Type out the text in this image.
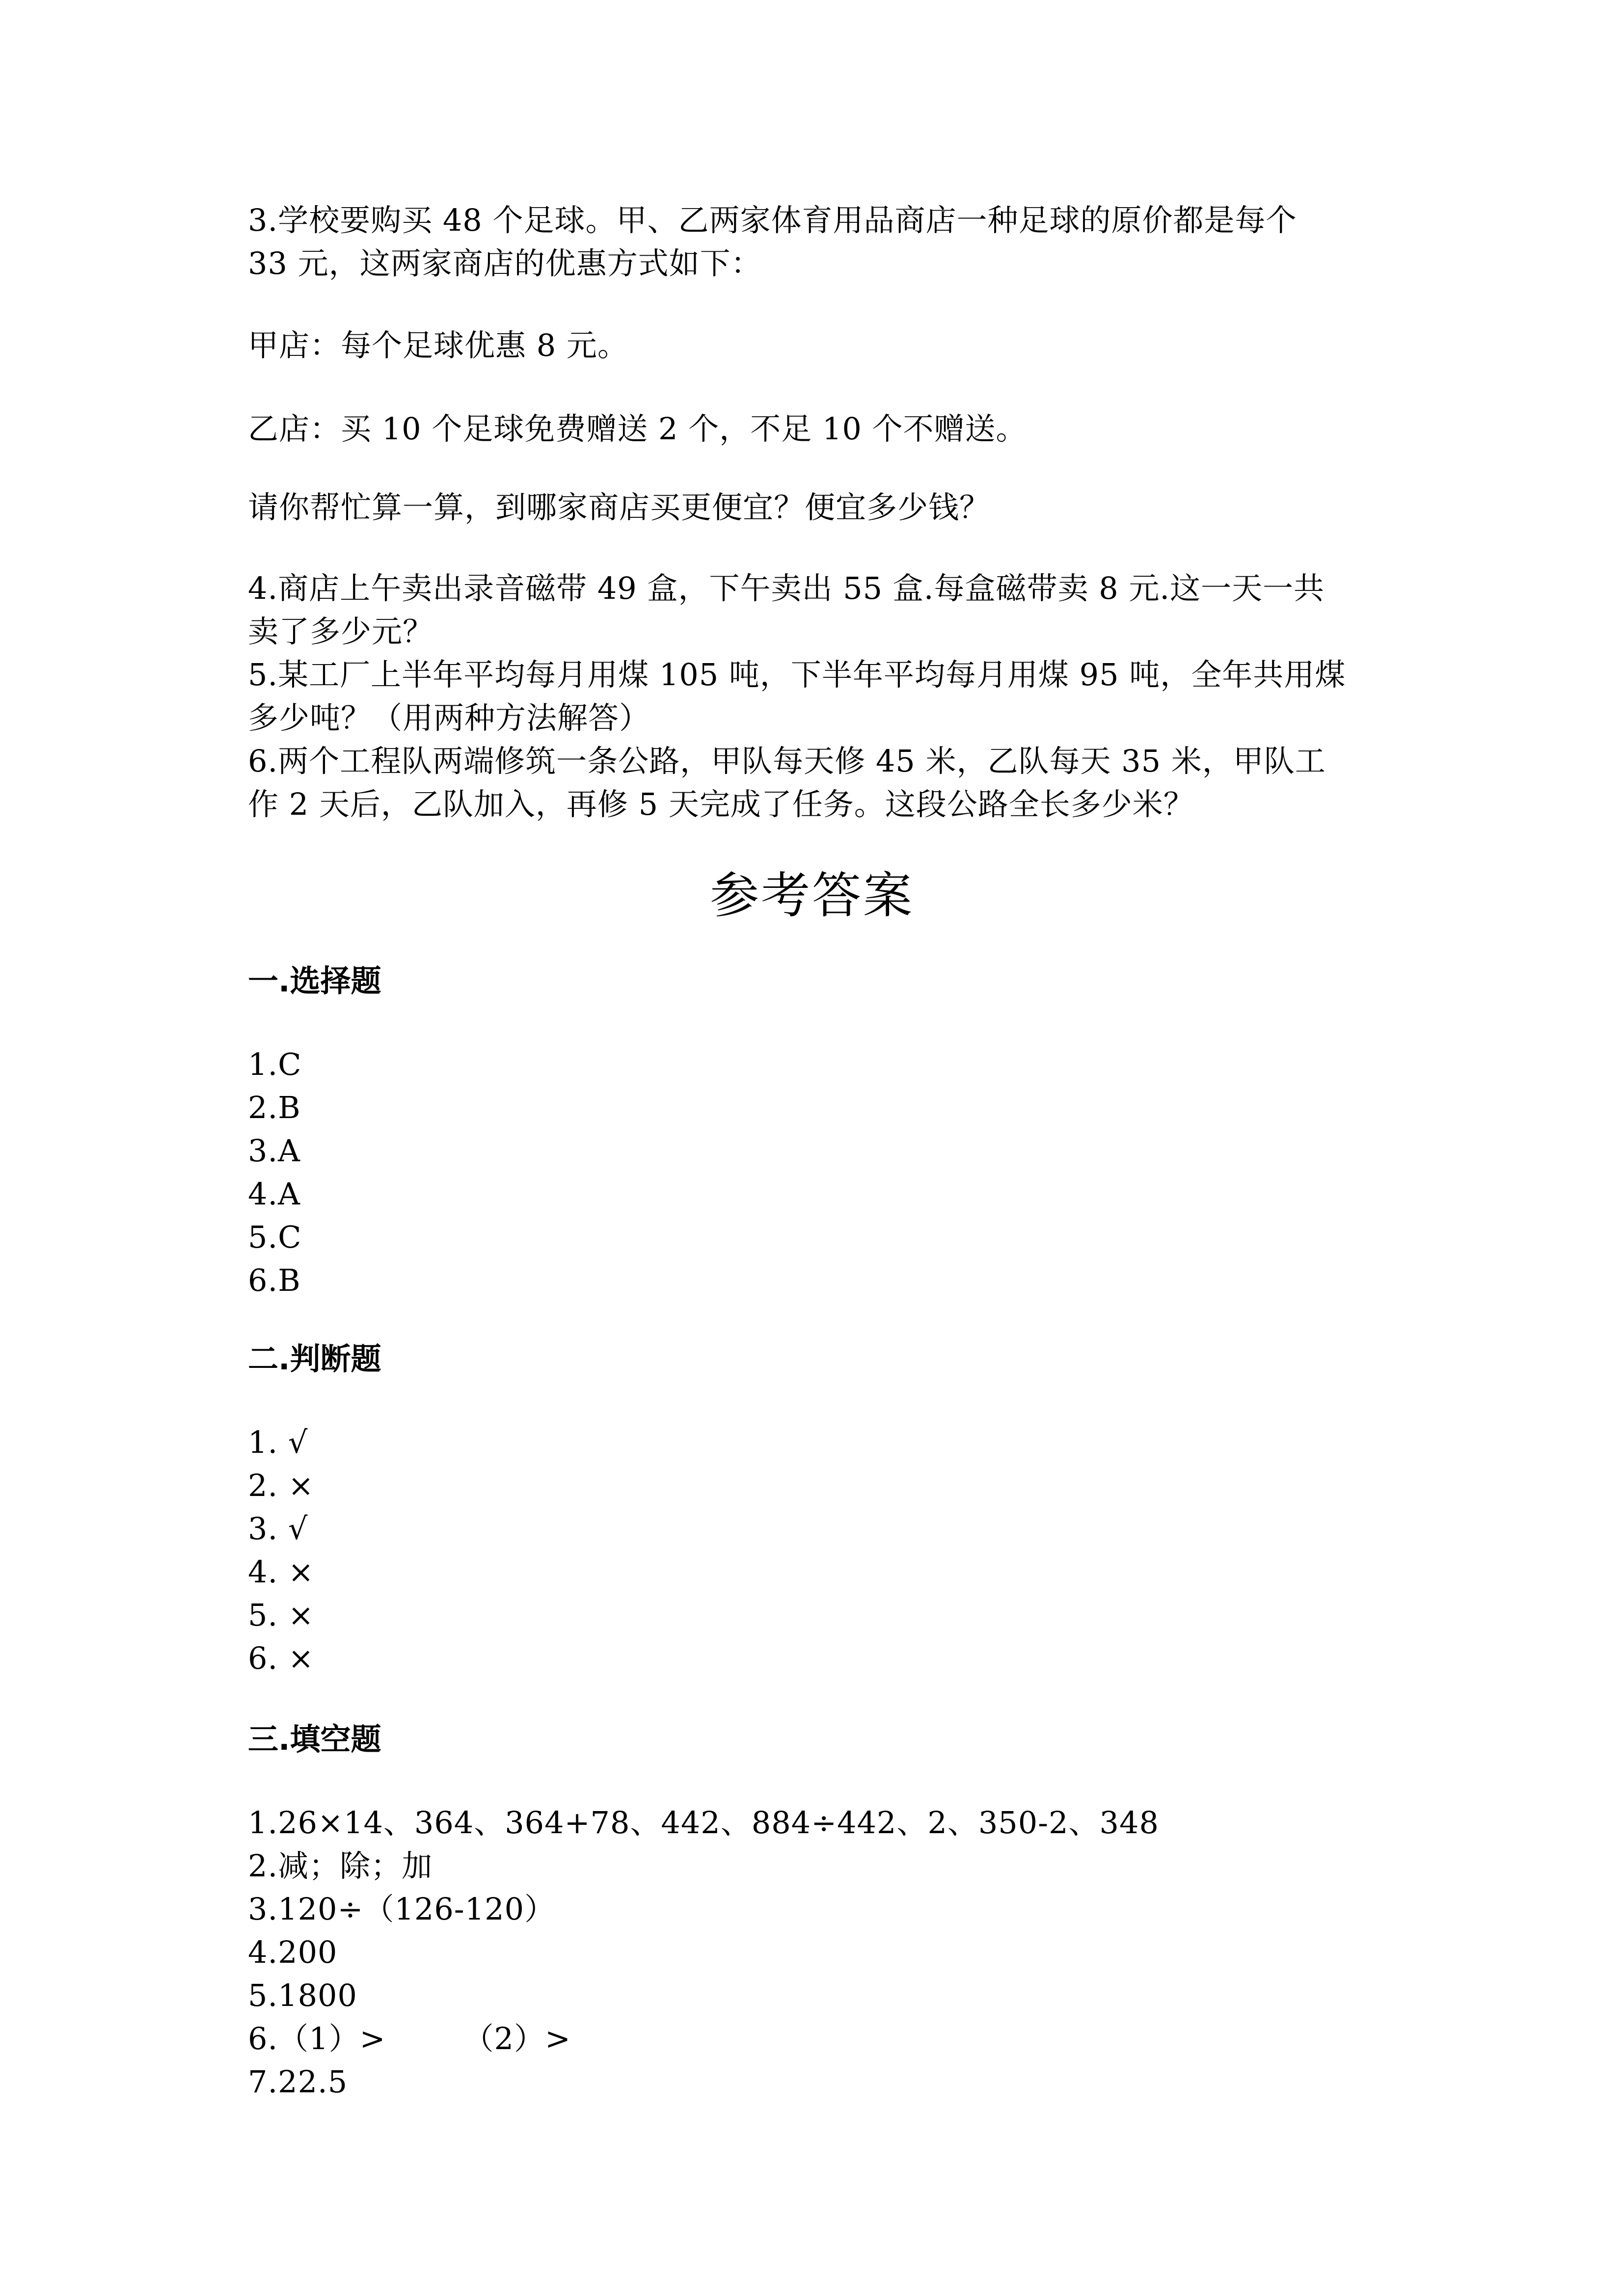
3.学校要购买 48 个足球。甲、乙两家体育用品商店一种足球的原价都是每个
33 元，这两家商店的优惠方式如下：
甲店：每个足球优惠 8 元。
乙店：买 10 个足球免费赠送 2 个，不足 10 个不赠送。
请你帮忙算一算，到哪家商店买更便宜？便宜多少钱？
4.商店上午卖出录音磁带 49 盒，下午卖出 55 盒.每盒磁带卖 8 元.这一天一共
卖了多少元？
5.某工厂上半年平均每月用煤 105 吨，下半年平均每月用煤 95 吨，全年共用煤
多少吨？（用两种方法解答）
6.两个工程队两端修筑一条公路，甲队每天修 45 米，乙队每天 35 米，甲队工
作 2 天后，乙队加入，再修 5 天完成了任务。这段公路全长多少米？
参考答案
一.选择题
1.C
2.B
3.A
4.A
5.C
6.B
二.判断题
1. √
2. ×
3. √
4. ×
5. ×
6. ×
三.填空题
1.26×14、364、364+78、442、884÷442、2、350-2、348
2.减；除；加
3.120÷（126-120）
4.200
5.1800
6.（1）>　　　（2）>
7.22.5
